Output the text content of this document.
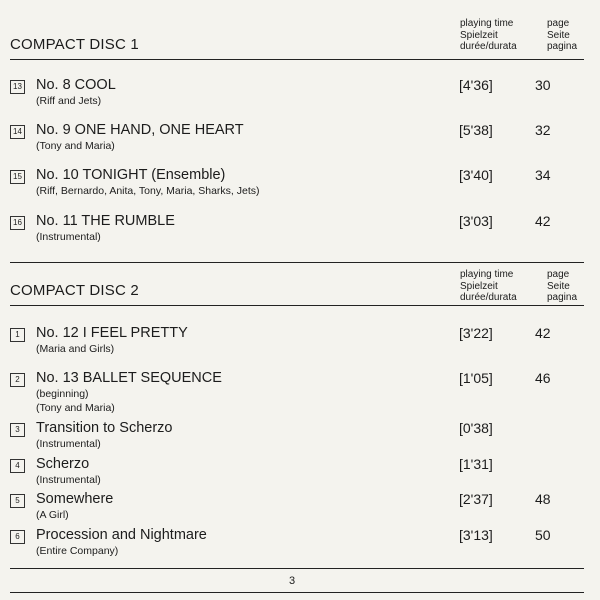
COMPACT DISC 1
playing time
Spielzeit
durée/durata
page
Seite
pagina
13 No. 8 COOL
(Riff and Jets)
[4'36]	30
14 No. 9 ONE HAND, ONE HEART
(Tony and Maria)
[5'38]	32
15 No. 10 TONIGHT (Ensemble)
(Riff, Bernardo, Anita, Tony, Maria, Sharks, Jets)
[3'40]	34
16 No. 11 THE RUMBLE
(Instrumental)
[3'03]	42
COMPACT DISC 2
playing time
Spielzeit
durée/durata
page
Seite
pagina
1	No. 12 I FEEL PRETTY
(Maria and Girls)
[3'22]	42
2	No. 13 BALLET SEQUENCE
(beginning)
(Tony and Maria)
[1'05]	46
3	Transition to Scherzo
(Instrumental)
[0'38]
4	Scherzo
(Instrumental)
[1'31]
5	Somewhere
(A Girl)
[2'37]	48
6	Procession and Nightmare
(Entire Company)
[3'13]	50
3
